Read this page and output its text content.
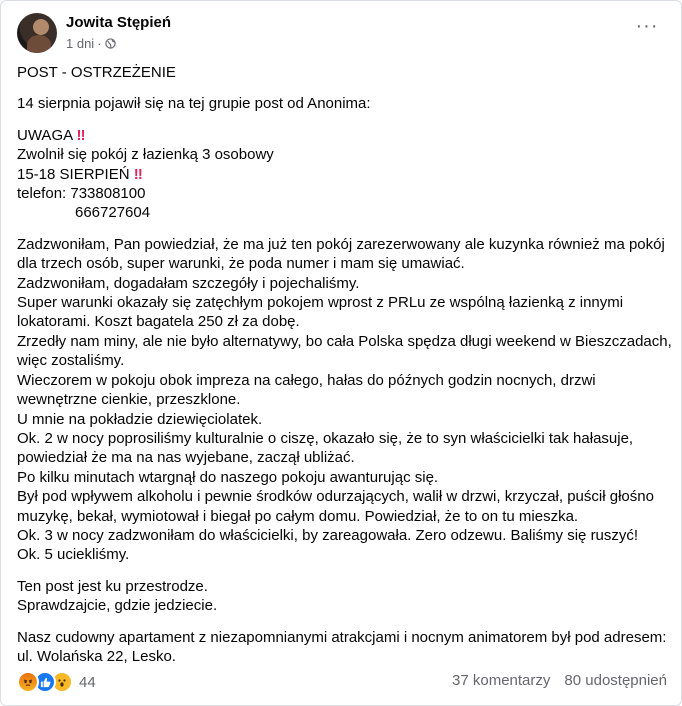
Jowita Stępień
1 dni ·
···

POST - OSTRZEŻENIE

14 sierpnia pojawił się na tej grupie post od Anonima:

UWAGA ‼

Zwolnił się pokój z łazienką 3 osobowy

15-18 SIERPIEŃ ‼

telefon: 733808100

666727604

Zadzwoniłam, Pan powiedział, że ma już ten pokój zarezerwowany ale kuzynka również ma pokój dla trzech osób, super warunki, że poda numer i mam się umawiać.

Zadzwoniłam, dogadałam szczegóły i pojechaliśmy.

Super warunki okazały się zatęchłym pokojem wprost z PRLu ze wspólną łazienką z innymi lokatorami. Koszt bagatela 250 zł za dobę.

Zrzedły nam miny, ale nie było alternatywy, bo cała Polska spędza długi weekend w Bieszczadach, więc zostaliśmy.

Wieczorem w pokoju obok impreza na całego, hałas do późnych godzin nocnych, drzwi wewnętrzne cienkie, przeszklone.

U mnie na pokładzie dziewięciolatek.

Ok. 2 w nocy poprosiliśmy kulturalnie o ciszę, okazało się, że to syn właścicielki tak hałasuje, powiedział że ma na nas wyjebane, zaczął ubliżać.

Po kilku minutach wtargnął do naszego pokoju awanturując się.

Był pod wpływem alkoholu i pewnie środków odurzających, walił w drzwi, krzyczał, puścił głośno muzykę, bekał, wymiotował i biegał po całym domu. Powiedział, że to on tu mieszka.

Ok. 3 w nocy zadzwoniłam do właścicielki, by zareagowała. Zero odzewu. Baliśmy się ruszyć!

Ok. 5 uciekliśmy.

Ten post jest ku przestrodze.

Sprawdzajcie, gdzie jedziecie.

Nasz cudowny apartament z niezapomnianymi atrakcjami i nocnym animatorem był pod adresem:

ul. Wolańska 22, Lesko.

44	37 komentarzy 80 udostępnień
